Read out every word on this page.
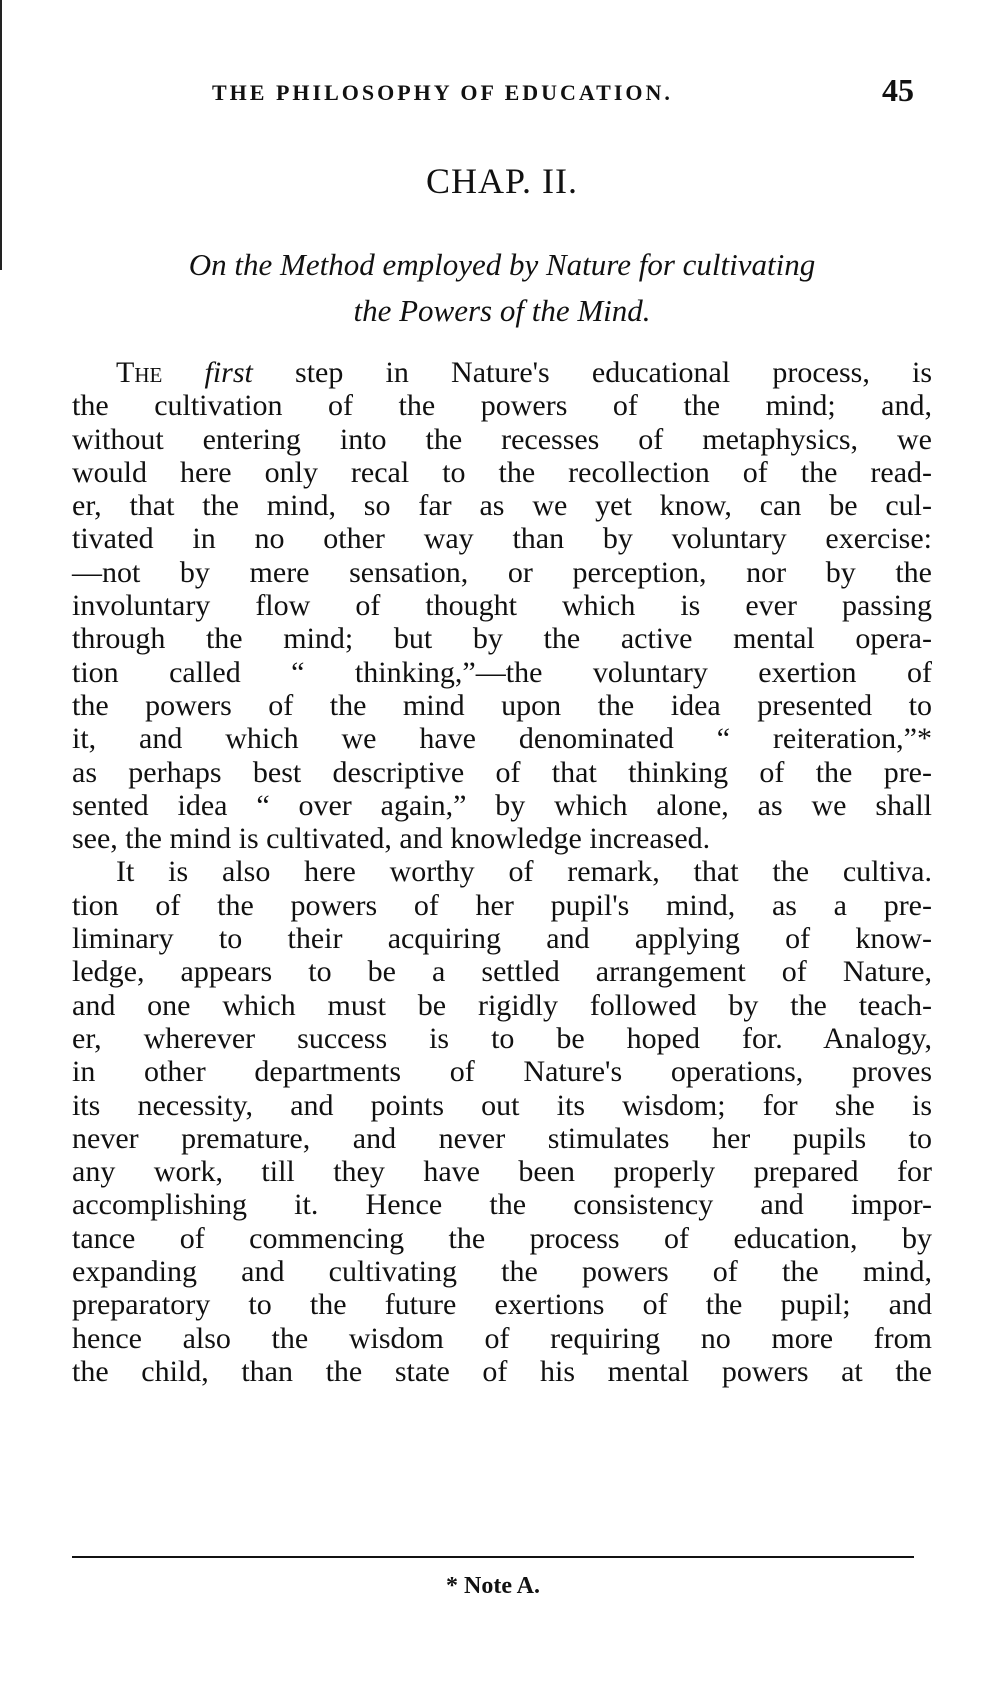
THE PHILOSOPHY OF EDUCATION.	45
CHAP. II.
On the Method employed by Nature for cultivating
the Powers of the Mind.
The first step in Nature's educational process, is
the cultivation of the powers of the mind; and,
without entering into the recesses of metaphysics, we
would here only recal to the recollection of the read-
er, that the mind, so far as we yet know, can be cul-
tivated in no other way than by voluntary exercise:
—not by mere sensation, or perception, nor by the
involuntary flow of thought which is ever passing
through the mind; but by the active mental opera-
tion called “ thinking,”—the voluntary exertion of
the powers of the mind upon the idea presented to
it, and which we have denominated “ reiteration,”*
as perhaps best descriptive of that thinking of the pre-
sented idea “ over again,” by which alone, as we shall
see, the mind is cultivated, and knowledge increased.
It is also here worthy of remark, that the cultiva.
tion of the powers of her pupil's mind, as a pre-
liminary to their acquiring and applying of know-
ledge, appears to be a settled arrangement of Nature,
and one which must be rigidly followed by the teach-
er, wherever success is to be hoped for. Analogy,
in other departments of Nature's operations, proves
its necessity, and points out its wisdom; for she is
never premature, and never stimulates her pupils to
any work, till they have been properly prepared for
accomplishing it. Hence the consistency and impor-
tance of commencing the process of education, by
expanding and cultivating the powers of the mind,
preparatory to the future exertions of the pupil; and
hence also the wisdom of requiring no more from
the child, than the state of his mental powers at the
* Note A.
